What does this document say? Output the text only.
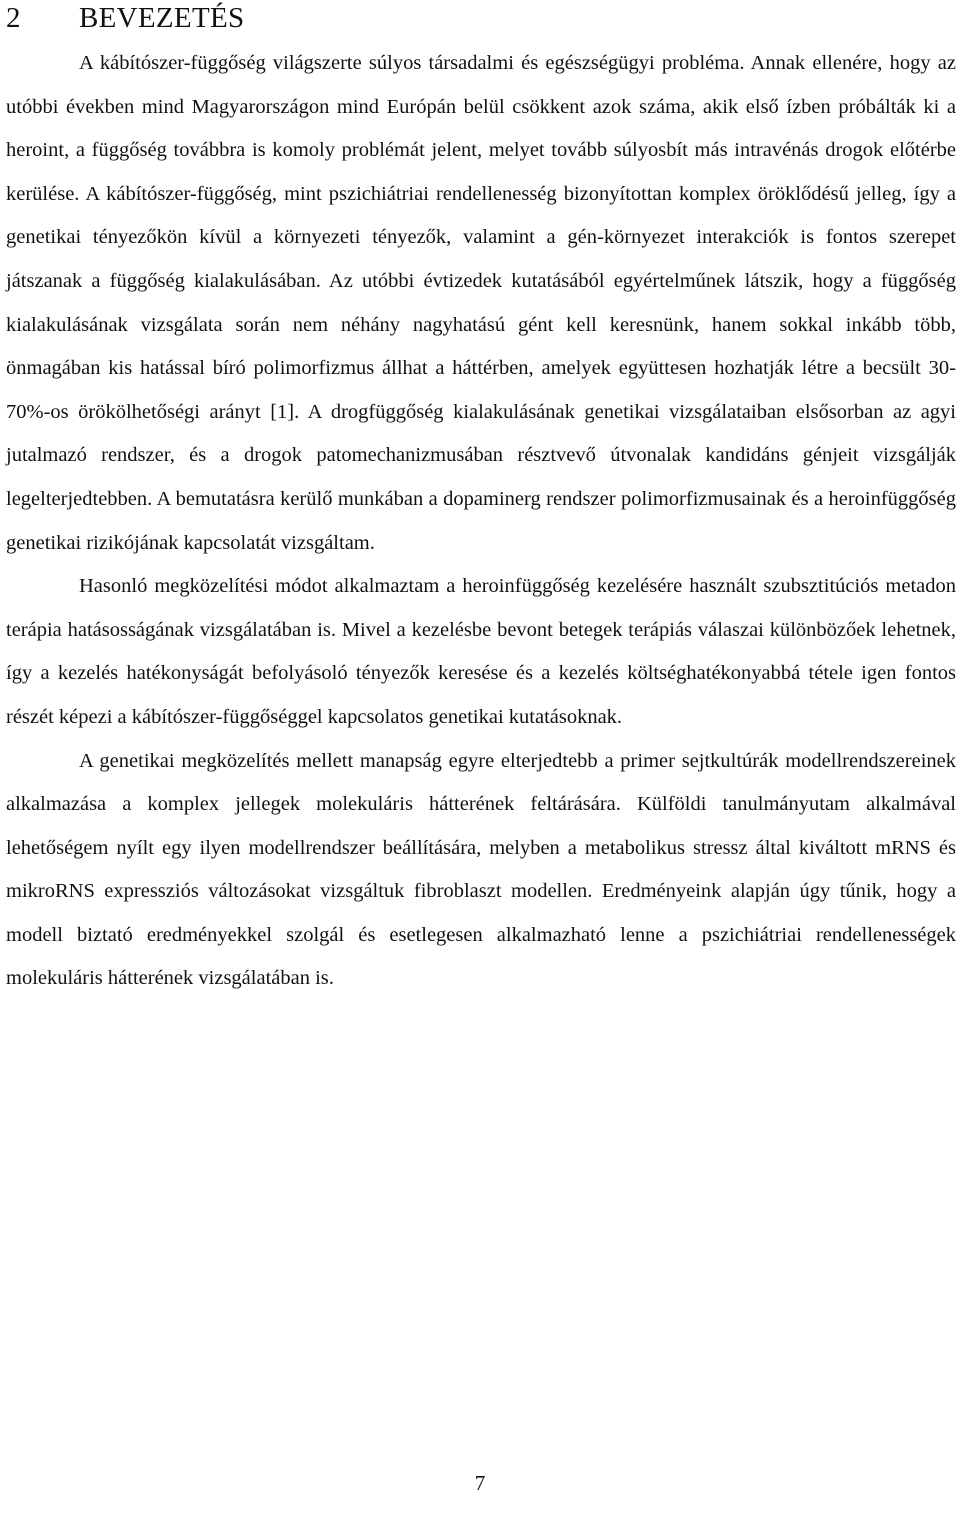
2 BEVEZETÉS

A kábítószer-függőség világszerte súlyos társadalmi és egészségügyi probléma. Annak ellenére, hogy az utóbbi években mind Magyarországon mind Európán belül csökkent azok száma, akik első ízben próbálták ki a heroint, a függőség továbbra is komoly problémát jelent, melyet tovább súlyosbít más intravénás drogok előtérbe kerülése. A kábítószer-függőség, mint pszichiátriai rendellenesség bizonyítottan komplex öröklődésű jelleg, így a genetikai tényezőkön kívül a környezeti tényezők, valamint a gén-környezet interakciók is fontos szerepet játszanak a függőség kialakulásában. Az utóbbi évtizedek kutatásából egyértelműnek látszik, hogy a függőség kialakulásának vizsgálata során nem néhány nagyhatású gént kell keresnünk, hanem sokkal inkább több, önmagában kis hatással bíró polimorfizmus állhat a háttérben, amelyek együttesen hozhatják létre a becsült 30-70%-os örökölhetőségi arányt [1]. A drogfüggőség kialakulásának genetikai vizsgálataiban elsősorban az agyi jutalmazó rendszer, és a drogok patomechanizmusában résztvevő útvonalak kandidáns génjeit vizsgálják legelterjedtebben. A bemutatásra kerülő munkában a dopaminerg rendszer polimorfizmusainak és a heroinfüggőség genetikai rizikójának kapcsolatát vizsgáltam.

Hasonló megközelítési módot alkalmaztam a heroinfüggőség kezelésére használt szubsztitúciós metadon terápia hatásosságának vizsgálatában is. Mivel a kezelésbe bevont betegek terápiás válaszai különbözőek lehetnek, így a kezelés hatékonyságát befolyásoló tényezők keresése és a kezelés költséghatékonyabbá tétele igen fontos részét képezi a kábítószer-függőséggel kapcsolatos genetikai kutatásoknak.

A genetikai megközelítés mellett manapság egyre elterjedtebb a primer sejtkultúrák modellrendszereinek alkalmazása a komplex jellegek molekuláris hátterének feltárására. Külföldi tanulmányutam alkalmával lehetőségem nyílt egy ilyen modellrendszer beállítására, melyben a metabolikus stressz által kiváltott mRNS és mikroRNS expressziós változásokat vizsgáltuk fibroblaszt modellen. Eredményeink alapján úgy tűnik, hogy a modell biztató eredményekkel szolgál és esetlegesen alkalmazható lenne a pszichiátriai rendellenességek molekuláris hátterének vizsgálatában is.

7
